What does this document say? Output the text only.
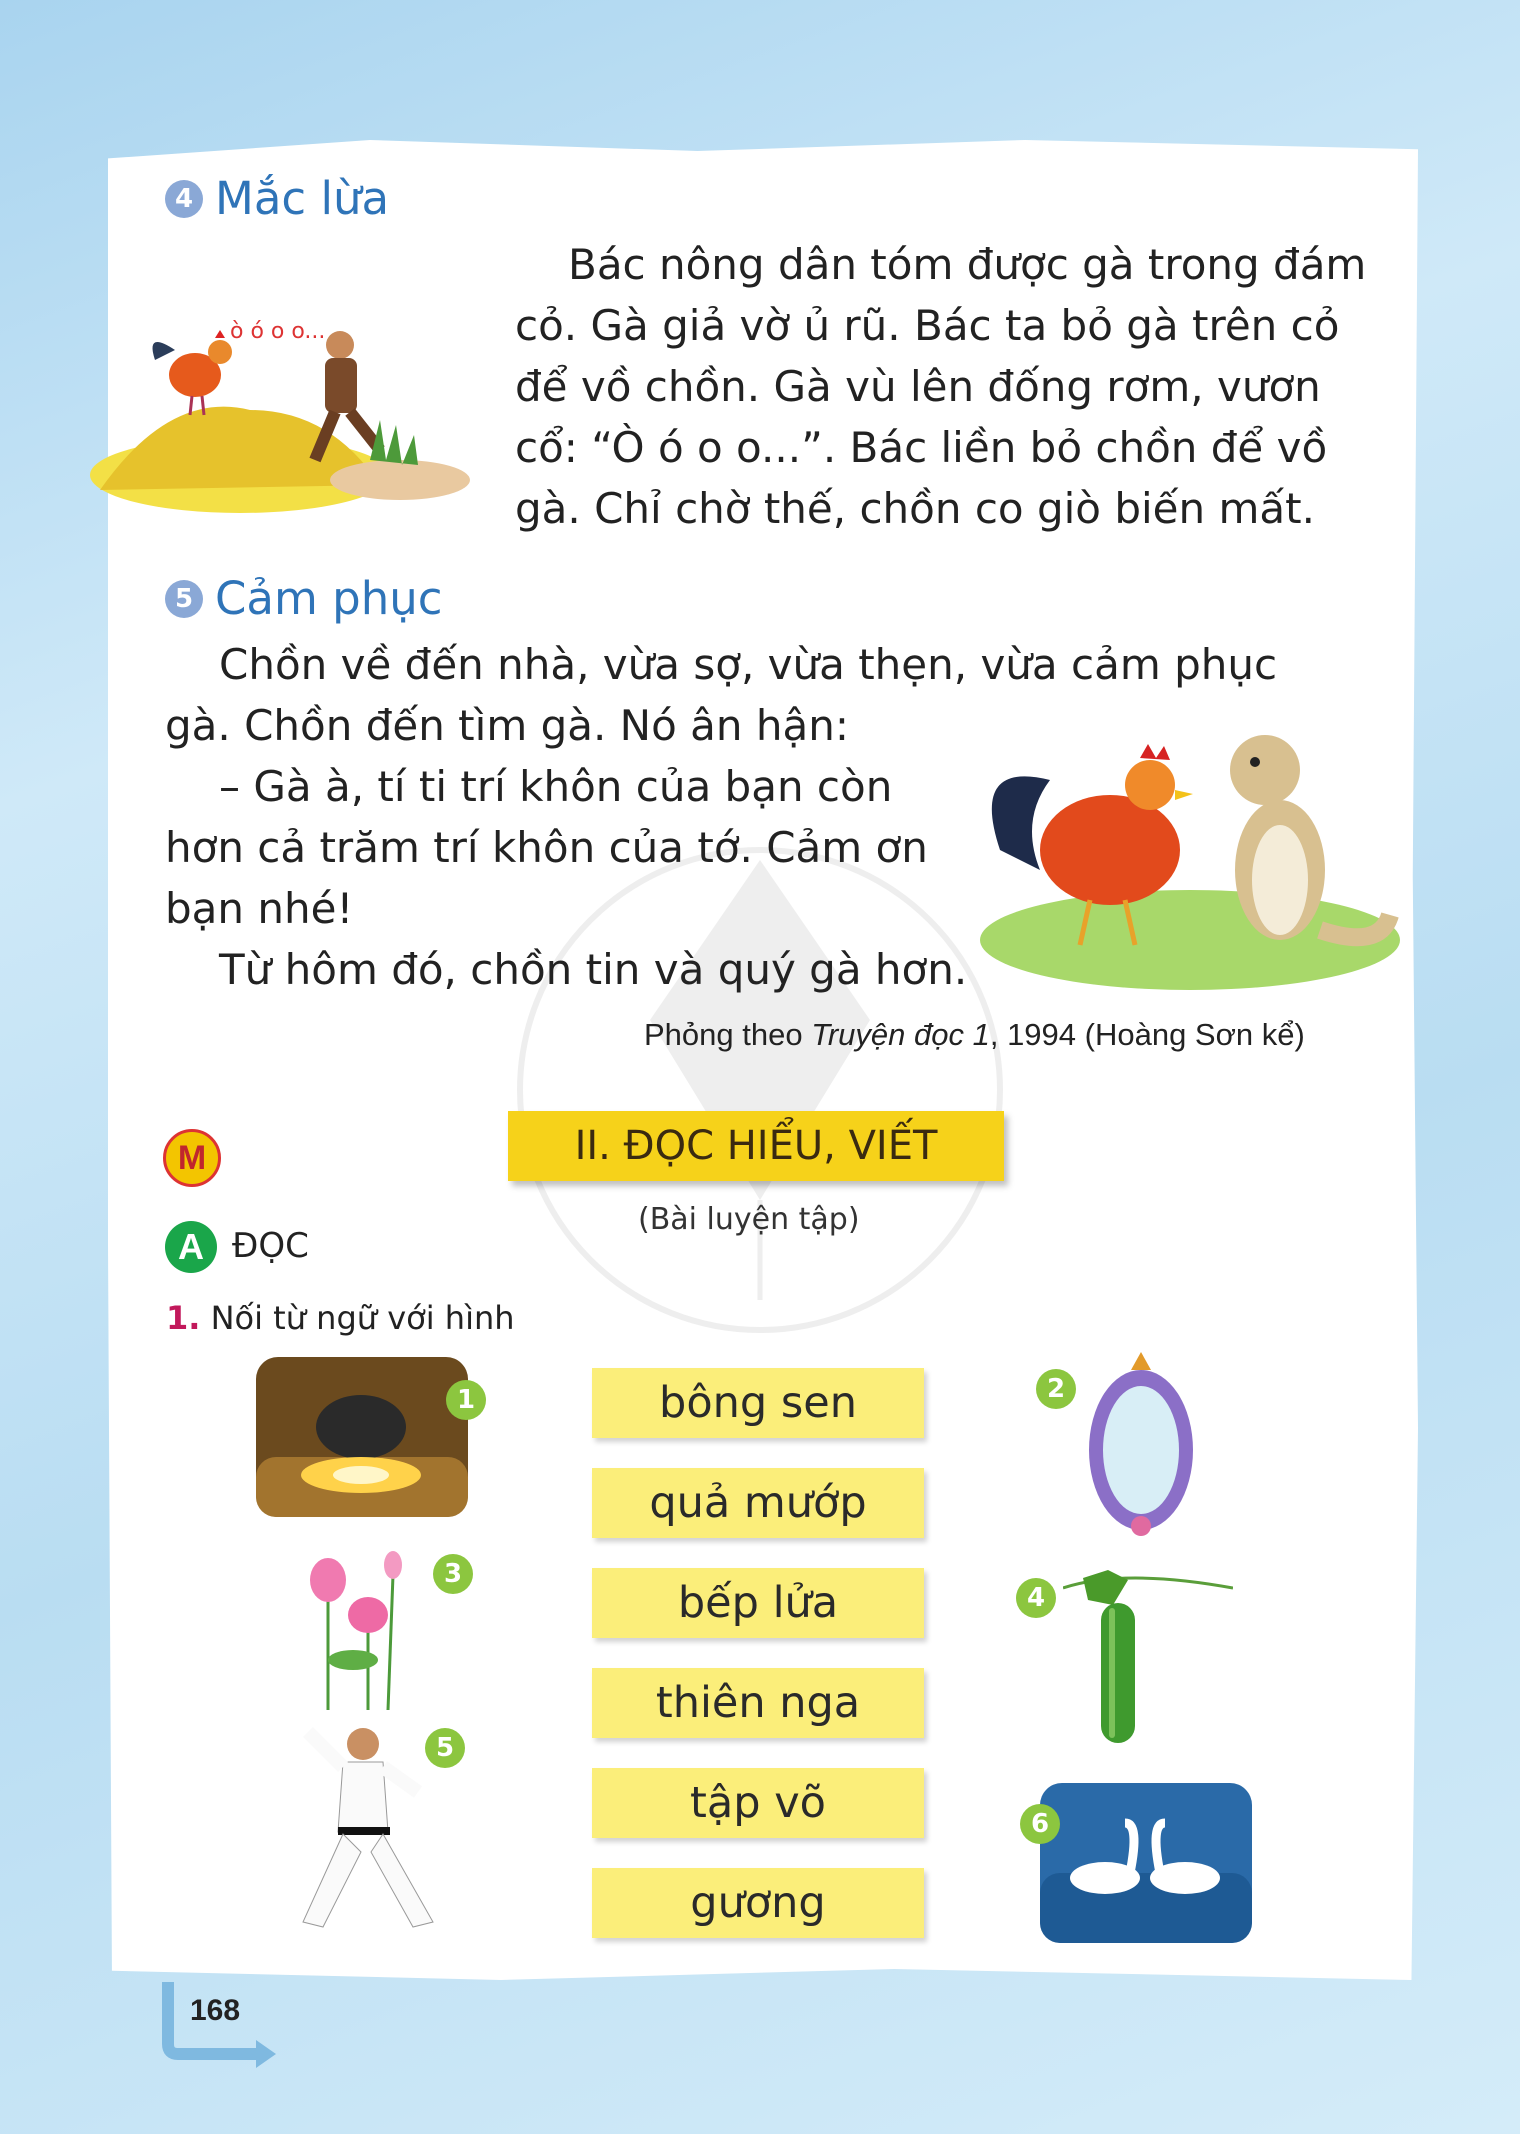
4 Mắc lừa
ò ó o o...

Bác nông dân tóm được gà trong đám

cỏ. Gà giả vờ ủ rũ. Bác ta bỏ gà trên cỏ

để vồ chồn. Gà vù lên đống rơm, vươn

cổ: “Ò ó o o...”. Bác liền bỏ chồn để vồ

gà. Chỉ chờ thế, chồn co giò biến mất.

5 Cảm phục

Chồn về đến nhà, vừa sợ, vừa thẹn, vừa cảm phục

gà. Chồn đến tìm gà. Nó ân hận:

– Gà à, tí ti trí khôn của bạn còn

hơn cả trăm trí khôn của tớ. Cảm ơn

bạn nhé!

Từ hôm đó, chồn tin và quý gà hơn.

Phỏng theo Truyện đọc 1, 1994 (Hoàng Sơn kể)
M	II. ĐỌC HIỂU, VIẾT
(Bài luyện tập)
A ĐỌC
1. Nối từ ngữ với hình
bông sen
quả mướp
bếp lửa
thiên nga
tập võ
gương
1	2
3
4
5
6
168
